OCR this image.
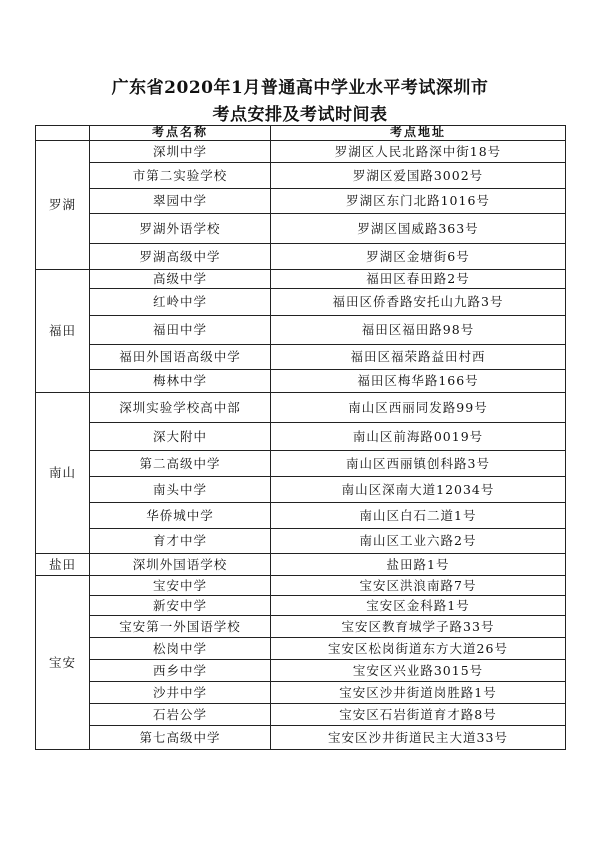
广东省2020年1月普通高中学业水平考试深圳市
考点安排及考试时间表
	考点名称	考点地址
罗湖	深圳中学	罗湖区人民北路深中街18号
	市第二实验学校	罗湖区爱国路3002号
	翠园中学	罗湖区东门北路1016号
	罗湖外语学校	罗湖区国威路363号
	罗湖高级中学	罗湖区金塘街6号
福田	高级中学	福田区春田路2号
	红岭中学	福田区侨香路安托山九路3号
	福田中学	福田区福田路98号
	福田外国语高级中学	福田区福荣路益田村西
	梅林中学	福田区梅华路166号
南山	深圳实验学校高中部	南山区西丽同发路99号
	深大附中	南山区前海路0019号
	第二高级中学	南山区西丽镇创科路3号
	南头中学	南山区深南大道12034号
	华侨城中学	南山区白石二道1号
	育才中学	南山区工业六路2号
盐田	深圳外国语学校	盐田路1号
宝安	宝安中学	宝安区洪浪南路7号
	新安中学	宝安区金科路1号
	宝安第一外国语学校	宝安区教育城学子路33号
	松岗中学	宝安区松岗街道东方大道26号
	西乡中学	宝安区兴业路3015号
	沙井中学	宝安区沙井街道岗胜路1号
	石岩公学	宝安区石岩街道育才路8号
	第七高级中学	宝安区沙井街道民主大道33号
